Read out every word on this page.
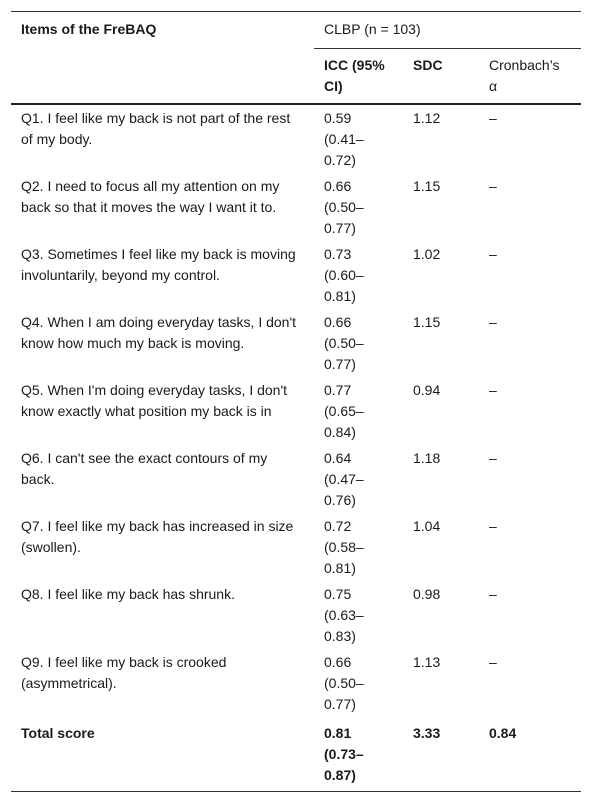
Items of the FreBAQ	CLBP (n = 103)		
	ICC (95% CI)	SDC	Cronbach’s α
Q1. I feel like my back is not part of the rest of my body.	0.59 (0.41–0.72)	1.12	–
Q2. I need to focus all my attention on my back so that it moves the way I want it to.	0.66 (0.50–0.77)	1.15	–
Q3. Sometimes I feel like my back is moving involuntarily, beyond my control.	0.73 (0.60–0.81)	1.02	–
Q4. When I am doing everyday tasks, I don't know how much my back is moving.	0.66 (0.50–0.77)	1.15	–
Q5. When I'm doing everyday tasks, I don't know exactly what position my back is in	0.77 (0.65–0.84)	0.94	–
Q6. I can't see the exact contours of my back.	0.64 (0.47–0.76)	1.18	–
Q7. I feel like my back has increased in size (swollen).	0.72 (0.58–0.81)	1.04	–
Q8. I feel like my back has shrunk.	0.75 (0.63–0.83)	0.98	–
Q9. I feel like my back is crooked (asymmetrical).	0.66 (0.50–0.77)	1.13	–
Total score	0.81 (0.73–0.87)	3.33	0.84
